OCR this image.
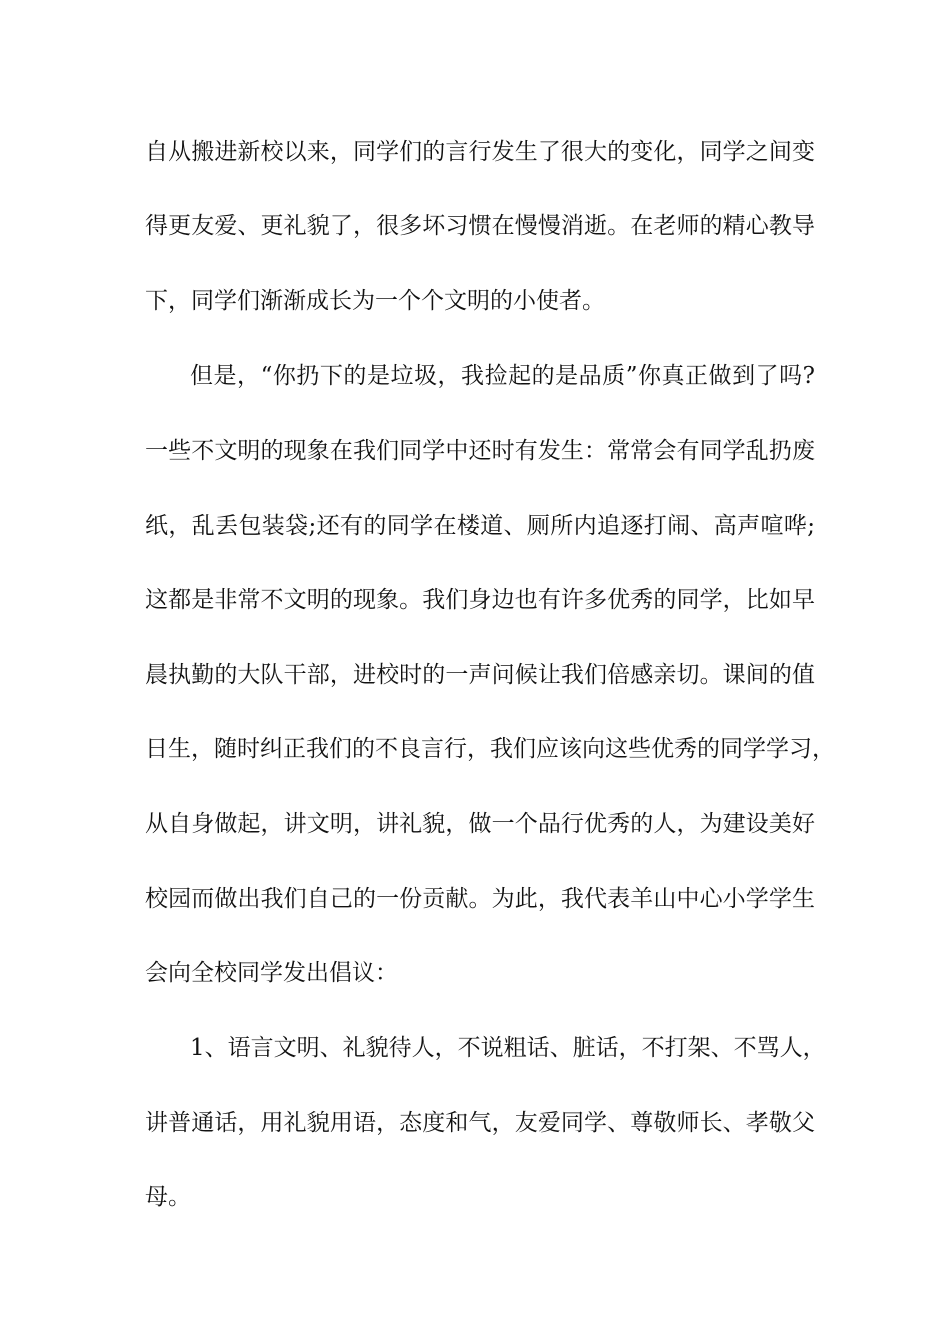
自从搬进新校以来，同学们的言行发生了很大的变化，同学之间变
得更友爱、更礼貌了，很多坏习惯在慢慢消逝。在老师的精心教导
下，同学们渐渐成长为一个个文明的小使者。
但是，“你扔下的是垃圾，我捡起的是品质”你真正做到了吗?
一些不文明的现象在我们同学中还时有发生：常常会有同学乱扔废
纸，乱丢包装袋;还有的同学在楼道、厕所内追逐打闹、高声喧哗;
这都是非常不文明的现象。我们身边也有许多优秀的同学，比如早
晨执勤的大队干部，进校时的一声问候让我们倍感亲切。课间的值
日生，随时纠正我们的不良言行，我们应该向这些优秀的同学学习，
从自身做起，讲文明，讲礼貌，做一个品行优秀的人，为建设美好
校园而做出我们自己的一份贡献。为此，我代表羊山中心小学学生
会向全校同学发出倡议：
1、语言文明、礼貌待人，不说粗话、脏话，不打架、不骂人，
讲普通话，用礼貌用语，态度和气，友爱同学、尊敬师长、孝敬父
母。
